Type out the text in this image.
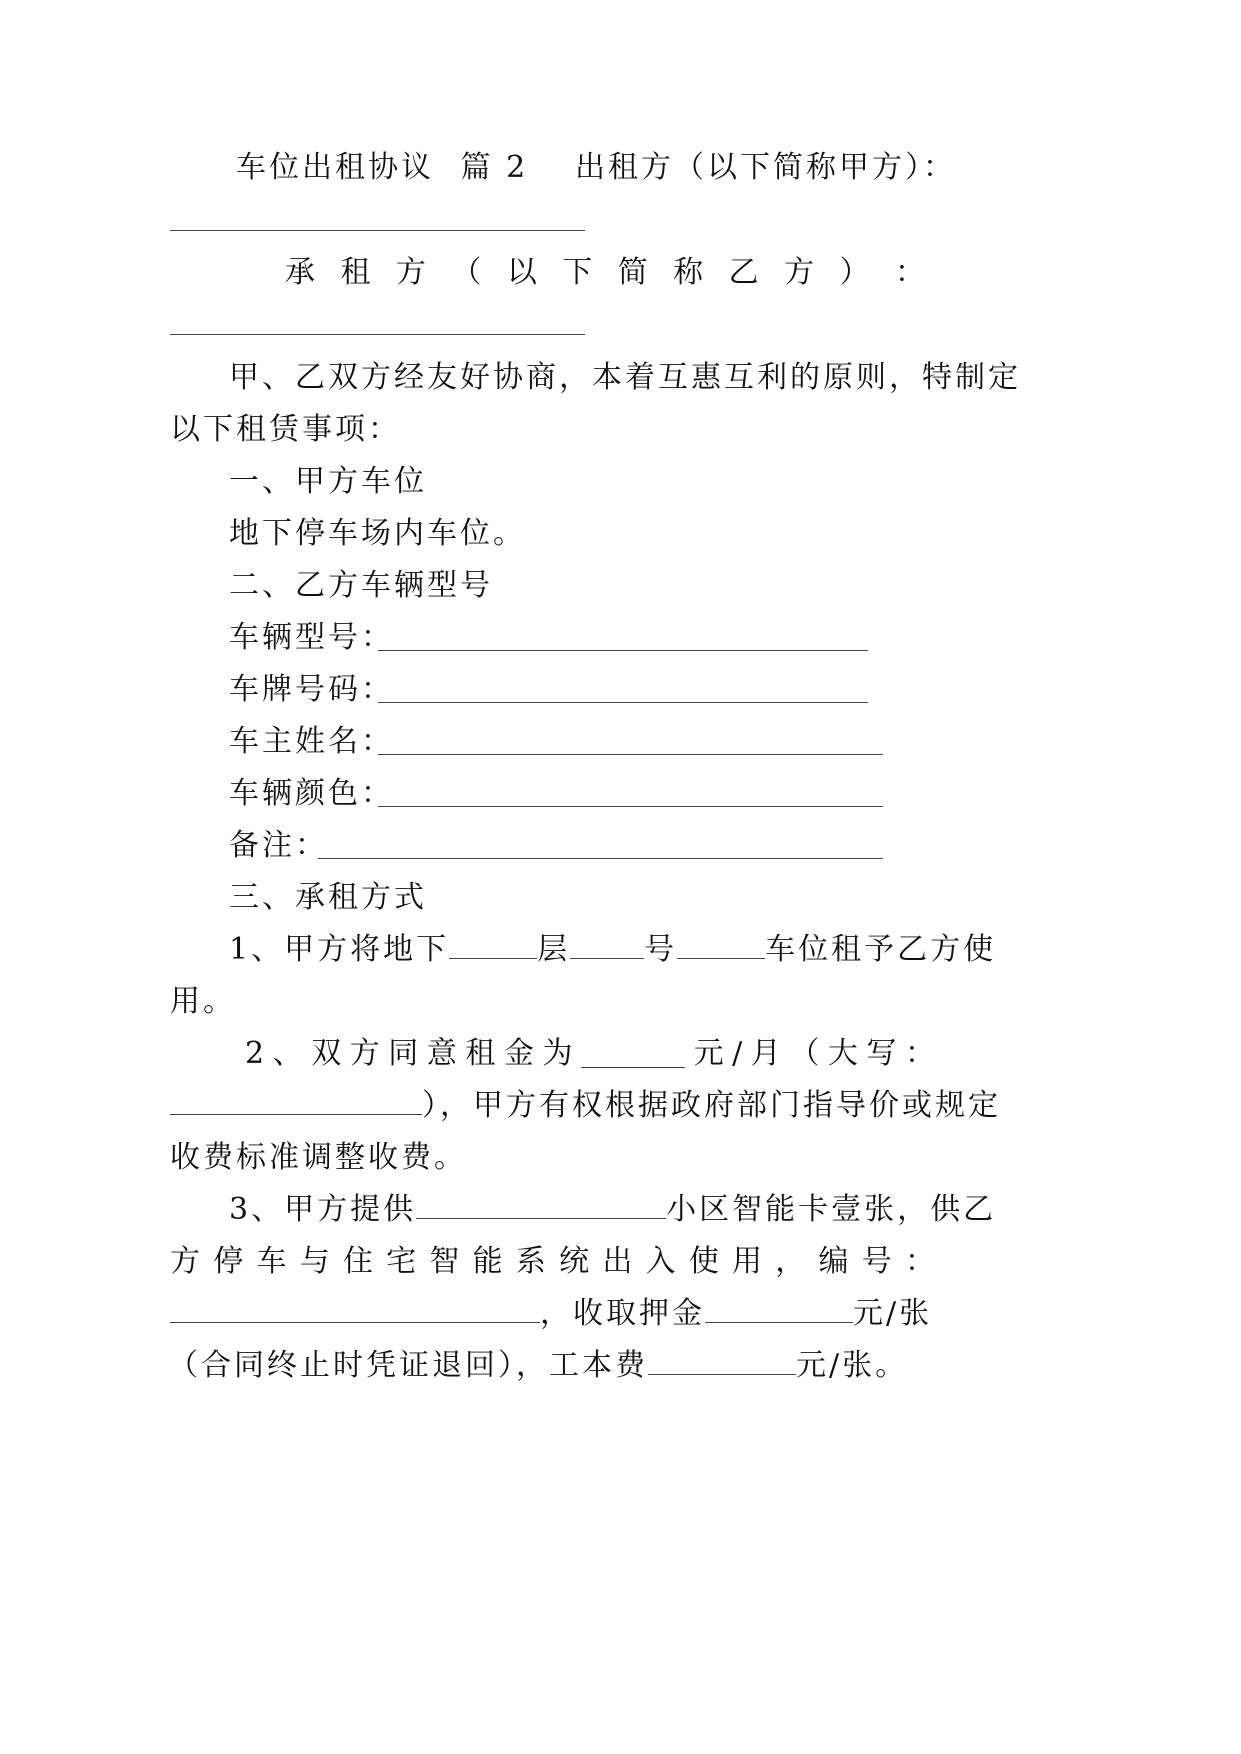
车位出租协议 篇 2 出租方（以下简称甲方）：
承 租 方 （ 以 下 简 称 乙 方 ） ：
甲、乙双方经友好协商，本着互惠互利的原则，特制定
以下租赁事项：
一、甲方车位
地下停车场内车位。
二、乙方车辆型号
车辆型号：
车牌号码：
车主姓名：
车辆颜色：
备注：
三、承租方式
1、甲方将地下	层 号	车位租予乙方使
用。
2 、 双 方 同 意 租 金 为	元 / 月 （ 大 写 ：
），甲方有权根据政府部门指导价或规定
收费标准调整收费。
3、甲方提供	小区智能卡壹张，供乙
方 停 车 与 住 宅 智 能 系 统 出 入 使 用 ， 编 号 ：
，收取押金	元/张
（合同终止时凭证退回），工本费	元/张。
